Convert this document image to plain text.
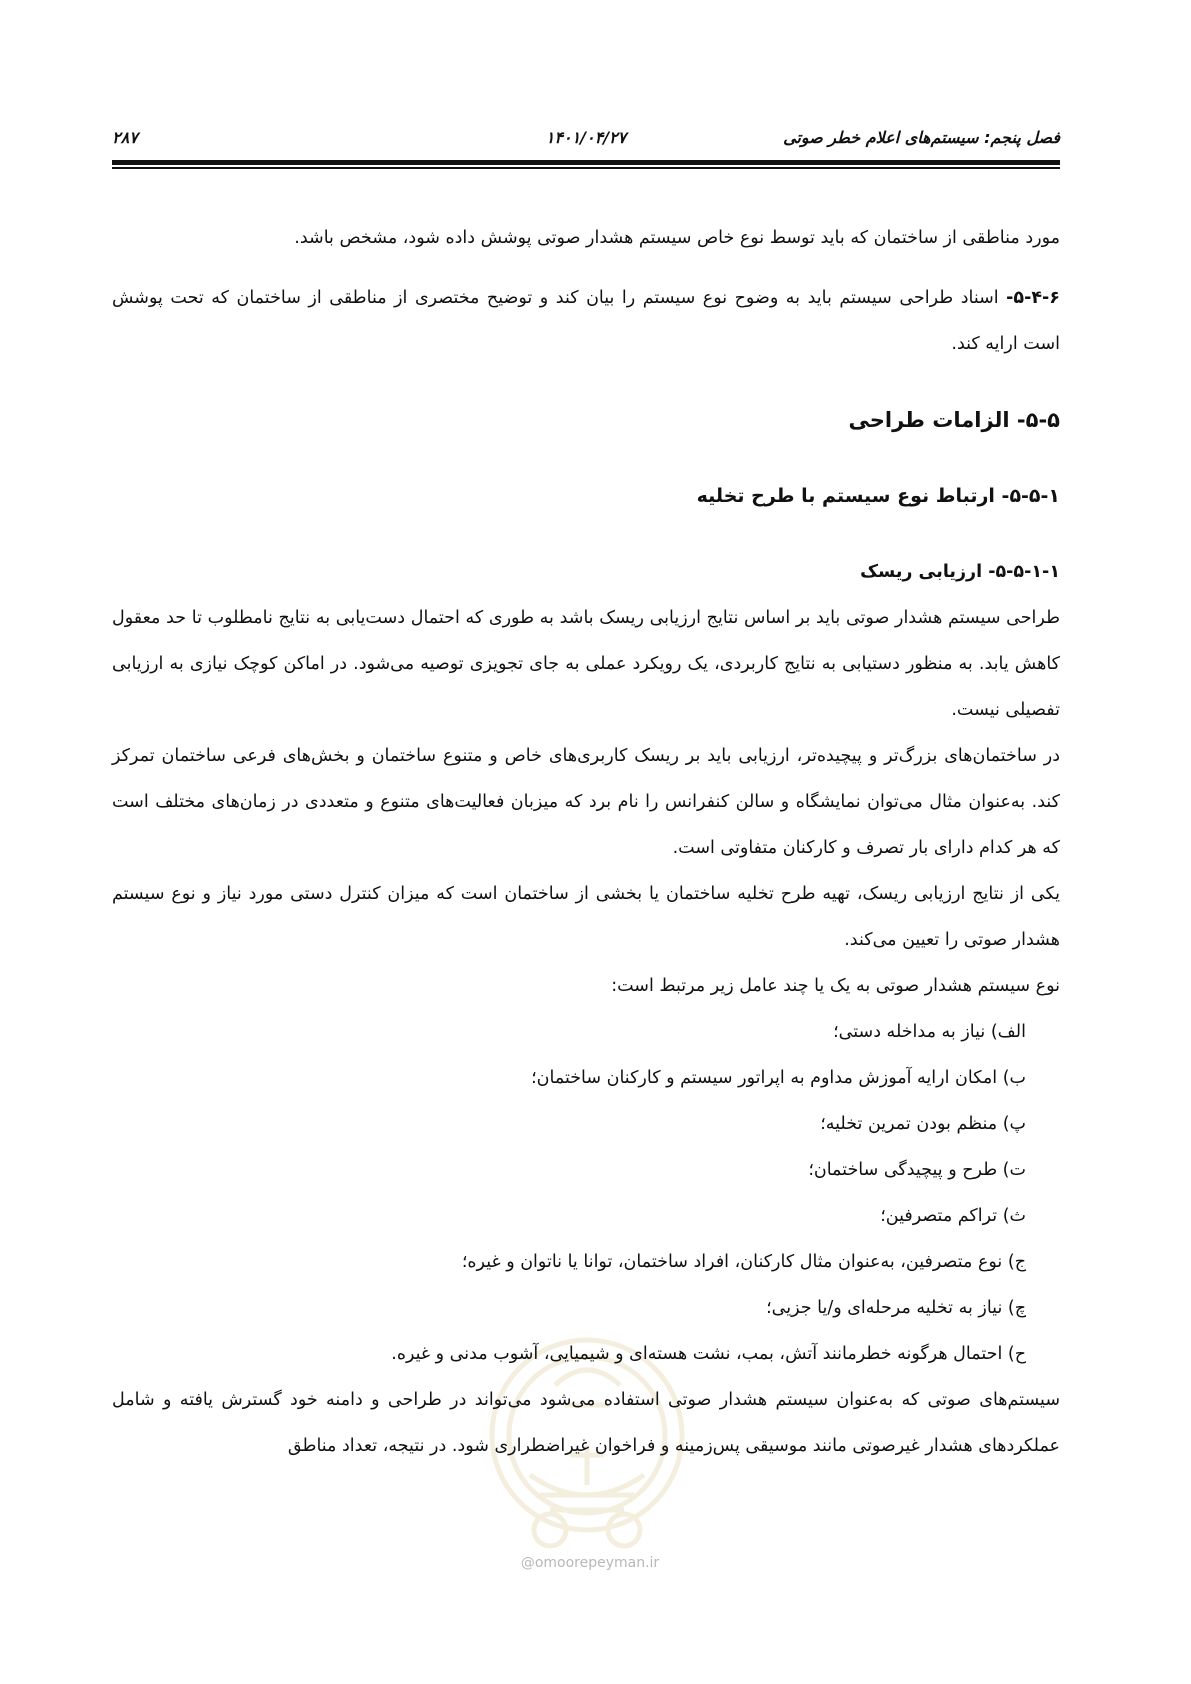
فصل پنجم: سیستم‌های اعلام خطر صوتی
۱۴۰۱/۰۴/۲۷
۲۸۷
@omoorepeyman.ir

مورد مناطقی از ساختمان که باید توسط نوع خاص سیستم هشدار صوتی پوشش داده شود، مشخص باشد.

۵-۴-۶- اسناد طراحی سیستم باید به وضوح نوع سیستم را بیان کند و توضیح مختصری از مناطقی از ساختمان که تحت پوشش است ارایه کند.

۵-۵- الزامات طراحی
۵-۵-۱- ارتباط نوع سیستم با طرح تخلیه
۵-۵-۱-۱- ارزیابی ریسک

طراحی سیستم هشدار صوتی باید بر اساس نتایج ارزیابی ریسک باشد به طوری که احتمال دست‌یابی به نتایج نامطلوب تا حد معقول کاهش یابد. به منظور دستیابی به نتایج کاربردی، یک رویکرد عملی به جای تجویزی توصیه می‌شود. در اماکن کوچک نیازی به ارزیابی تفصیلی نیست.

در ساختمان‌های بزرگ‌تر و پیچیده‌تر، ارزیابی باید بر ریسک کاربری‌های خاص و متنوع ساختمان و بخش‌های فرعی ساختمان تمرکز کند. به‌عنوان مثال می‌توان نمایشگاه و سالن کنفرانس را نام برد که میزبان فعالیت‌های متنوع و متعددی در زمان‌های مختلف است که هر کدام دارای بار تصرف و کارکنان متفاوتی است.

یکی از نتایج ارزیابی ریسک، تهیه طرح تخلیه ساختمان یا بخشی از ساختمان است که میزان کنترل دستی مورد نیاز و نوع سیستم هشدار صوتی را تعیین می‌کند.

نوع سیستم هشدار صوتی به یک یا چند عامل زیر مرتبط است:

الف) نیاز به مداخله دستی؛

ب) امکان ارایه آموزش مداوم به اپراتور سیستم و کارکنان ساختمان؛

پ) منظم بودن تمرین تخلیه؛

ت) طرح و پیچیدگی ساختمان؛

ث) تراکم متصرفین؛

ج) نوع متصرفین، به‌عنوان مثال کارکنان، افراد ساختمان، توانا یا ناتوان و غیره؛

چ) نیاز به تخلیه مرحله‌ای و/یا جزیی؛

ح) احتمال هرگونه خطرمانند آتش، بمب، نشت هسته‌ای و شیمیایی، آشوب مدنی و غیره.

سیستم‌های صوتی که به‌عنوان سیستم هشدار صوتی استفاده می‌شود می‌تواند در طراحی و دامنه خود گسترش یافته و شامل عملکردهای هشدار غیرصوتی مانند موسیقی پس‌زمینه و فراخوان غیراضطراری شود. در نتیجه، تعداد مناطق
